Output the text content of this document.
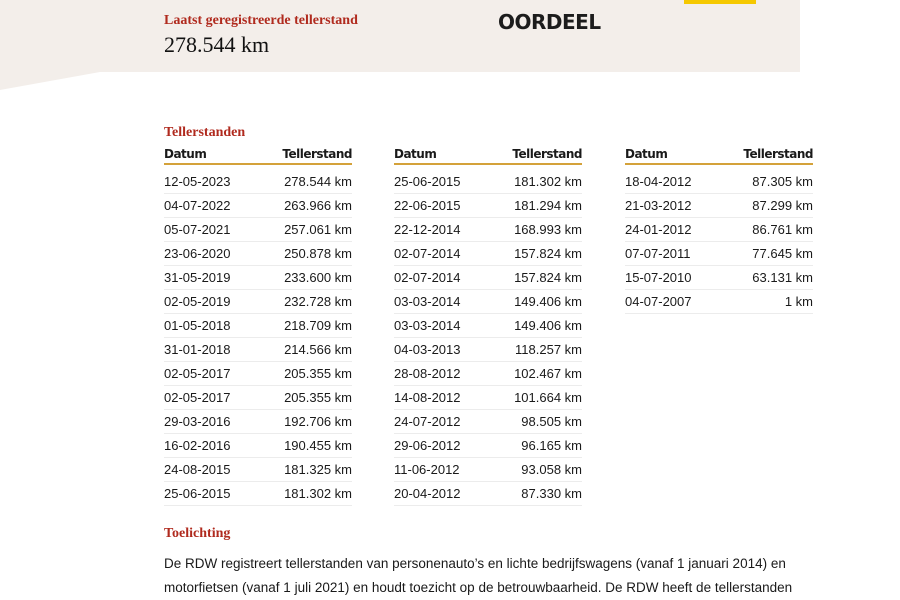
Laatst geregistreerde tellerstand
278.544 km
OORDEEL
Tellerstanden
Datum	Tellerstand
12-05-2023	278.544 km
04-07-2022	263.966 km
05-07-2021	257.061 km
23-06-2020	250.878 km
31-05-2019	233.600 km
02-05-2019	232.728 km
01-05-2018	218.709 km
31-01-2018	214.566 km
02-05-2017	205.355 km
02-05-2017	205.355 km
29-03-2016	192.706 km
16-02-2016	190.455 km
24-08-2015	181.325 km
25-06-2015	181.302 km
Datum	Tellerstand
25-06-2015	181.302 km
22-06-2015	181.294 km
22-12-2014	168.993 km
02-07-2014	157.824 km
02-07-2014	157.824 km
03-03-2014	149.406 km
03-03-2014	149.406 km
04-03-2013	118.257 km
28-08-2012	102.467 km
14-08-2012	101.664 km
24-07-2012	98.505 km
29-06-2012	96.165 km
11-06-2012	93.058 km
20-04-2012	87.330 km
Datum	Tellerstand
18-04-2012	87.305 km
21-03-2012	87.299 km
24-01-2012	86.761 km
07-07-2011	77.645 km
15-07-2010	63.131 km
04-07-2007	1 km
Toelichting
De RDW registreert tellerstanden van personenauto’s en lichte bedrijfswagens (vanaf 1 januari 2014) en motorfietsen (vanaf 1 juli 2021) en houdt toezicht op de betrouwbaarheid. De RDW heeft de tellerstanden
